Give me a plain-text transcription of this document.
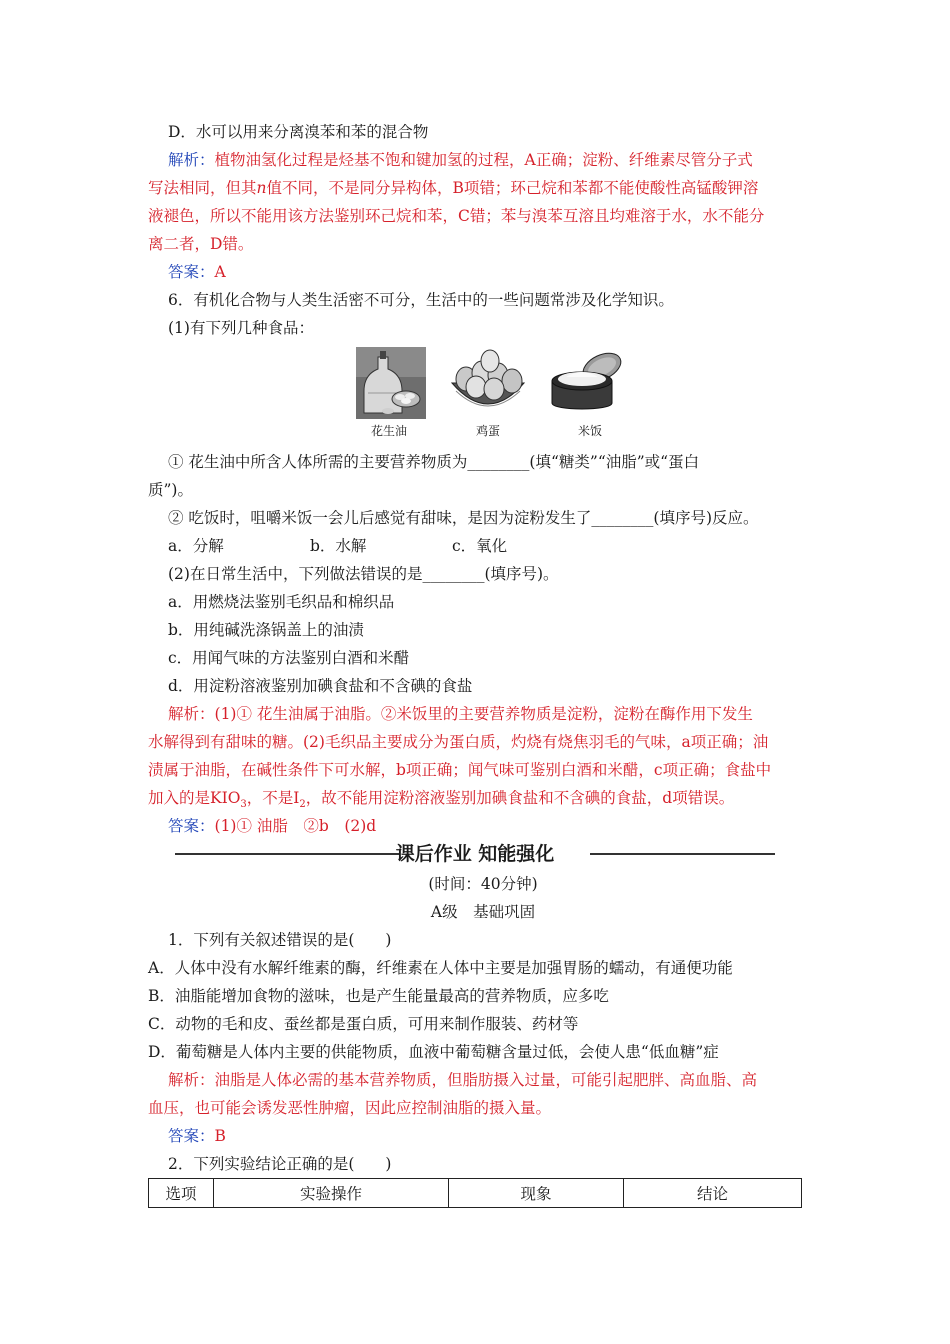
D．水可以用来分离溴苯和苯的混合物
解析：植物油氢化过程是烃基不饱和键加氢的过程，A正确；淀粉、纤维素尽管分子式
写法相同，但其n值不同，不是同分异构体，B项错；环己烷和苯都不能使酸性高锰酸钾溶
液褪色，所以不能用该方法鉴别环己烷和苯，C错；苯与溴苯互溶且均难溶于水，水不能分
离二者，D错。
答案：A
6．有机化合物与人类生活密不可分，生活中的一些问题常涉及化学知识。
(1)有下列几种食品：
花生油	鸡蛋	米饭
① 花生油中所含人体所需的主要营养物质为________(填“糖类”“油脂”或“蛋白
质”)。
② 吃饭时，咀嚼米饭一会儿后感觉有甜味，是因为淀粉发生了________(填序号)反应。
a．分解	b．水解	c．氧化
(2)在日常生活中，下列做法错误的是________(填序号)。
a．用燃烧法鉴别毛织品和棉织品
b．用纯碱洗涤锅盖上的油渍
c．用闻气味的方法鉴别白酒和米醋
d．用淀粉溶液鉴别加碘食盐和不含碘的食盐
解析：(1)① 花生油属于油脂。②米饭里的主要营养物质是淀粉，淀粉在酶作用下发生
水解得到有甜味的糖。(2)毛织品主要成分为蛋白质，灼烧有烧焦羽毛的气味，a项正确；油
渍属于油脂，在碱性条件下可水解，b项正确；闻气味可鉴别白酒和米醋，c项正确；食盐中
加入的是$KIO_3$，不是$I_2$，故不能用淀粉溶液鉴别加碘食盐和不含碘的食盐，d项错误。
答案：(1)① 油脂　②b　(2)d
课后作业 知能强化
(时间：40分钟)
A级　基础巩固
1．下列有关叙述错误的是(　　)
A．人体中没有水解纤维素的酶，纤维素在人体中主要是加强胃肠的蠕动，有通便功能
B．油脂能增加食物的滋味，也是产生能量最高的营养物质，应多吃
C．动物的毛和皮、蚕丝都是蛋白质，可用来制作服装、药材等
D．葡萄糖是人体内主要的供能物质，血液中葡萄糖含量过低，会使人患“低血糖”症
解析：油脂是人体必需的基本营养物质，但脂肪摄入过量，可能引起肥胖、高血脂、高
血压，也可能会诱发恶性肿瘤，因此应控制油脂的摄入量。
答案：B
2．下列实验结论正确的是(　　)
选项	实验操作	现象	结论
